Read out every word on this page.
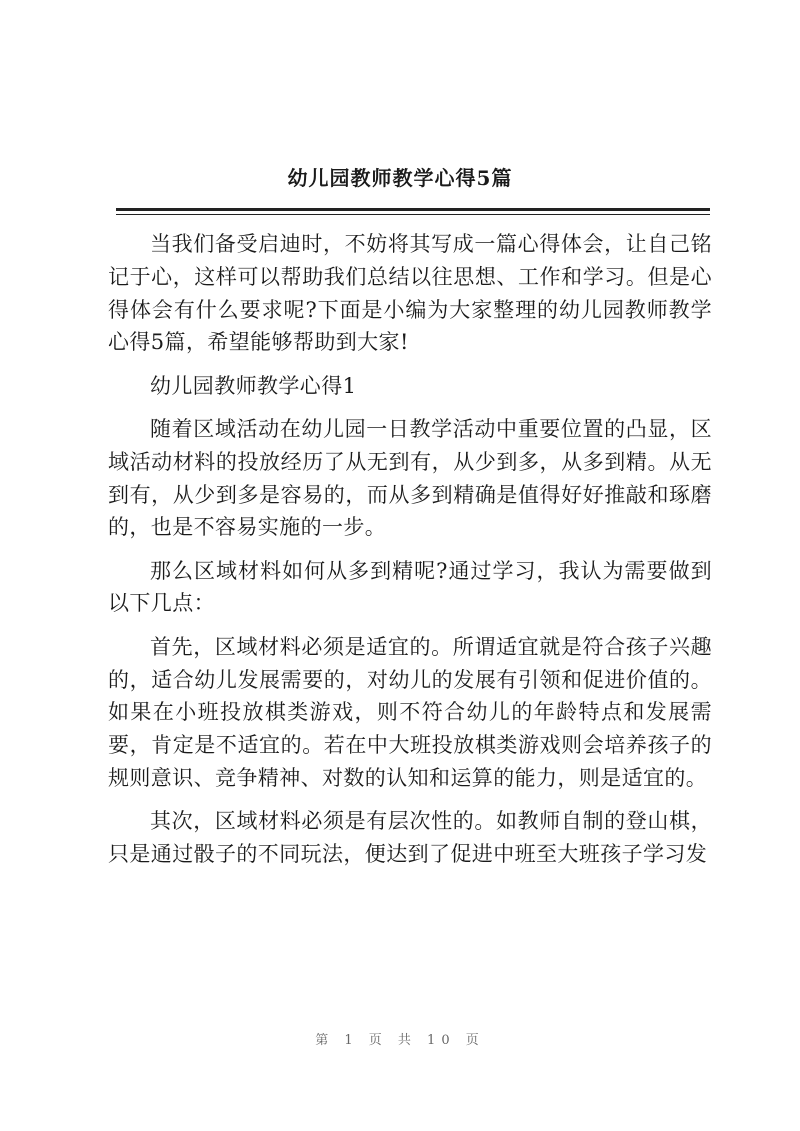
幼儿园教师教学心得5篇

当我们备受启迪时，不妨将其写成一篇心得体会，让自己铭记于心，这样可以帮助我们总结以往思想、工作和学习。但是心得体会有什么要求呢?下面是小编为大家整理的幼儿园教师教学心得5篇，希望能够帮助到大家!

幼儿园教师教学心得1

随着区域活动在幼儿园一日教学活动中重要位置的凸显，区域活动材料的投放经历了从无到有，从少到多，从多到精。从无到有，从少到多是容易的，而从多到精确是值得好好推敲和琢磨的，也是不容易实施的一步。

那么区域材料如何从多到精呢?通过学习，我认为需要做到以下几点：

首先，区域材料必须是适宜的。所谓适宜就是符合孩子兴趣的，适合幼儿发展需要的，对幼儿的发展有引领和促进价值的。如果在小班投放棋类游戏，则不符合幼儿的年龄特点和发展需要，肯定是不适宜的。若在中大班投放棋类游戏则会培养孩子的规则意识、竞争精神、对数的认知和运算的能力，则是适宜的。

其次，区域材料必须是有层次性的。如教师自制的登山棋，只是通过骰子的不同玩法，便达到了促进中班至大班孩子学习发

第 1 页 共 10 页
